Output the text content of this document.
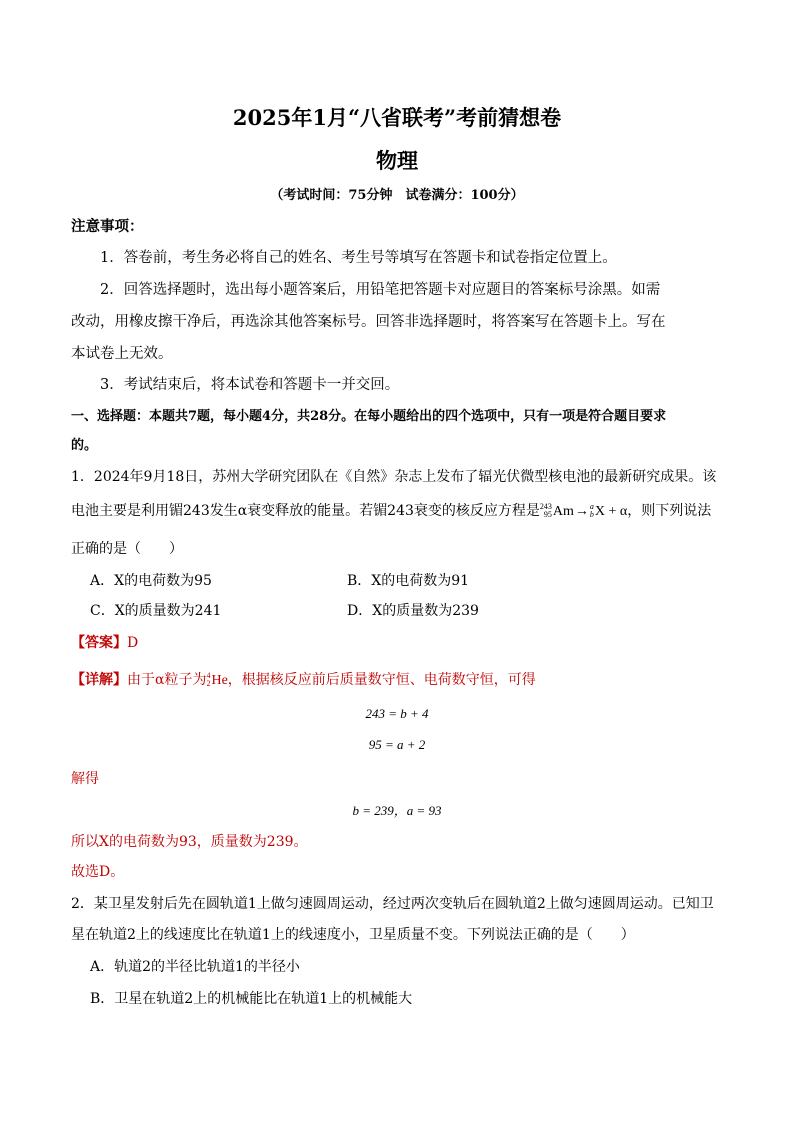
2025年1月“八省联考”考前猜想卷
物理
（考试时间：75分钟　试卷满分：100分）
注意事项：
1．答卷前，考生务必将自己的姓名、考生号等填写在答题卡和试卷指定位置上。
2．回答选择题时，选出每小题答案后，用铅笔把答题卡对应题目的答案标号涂黑。如需
改动，用橡皮擦干净后，再选涂其他答案标号。回答非选择题时，将答案写在答题卡上。写在
本试卷上无效。
3．考试结束后，将本试卷和答题卡一并交回。
一、选择题：本题共7题，每小题4分，共28分。在每小题给出的四个选项中，只有一项是符合题目要求
的。
1．2024年9月18日，苏州大学研究团队在《自然》杂志上发布了辐光伏微型核电池的最新研究成果。该
电池主要是利用镅243发生α衰变释放的能量。若镅243衰变的核反应方程是 243
95 Am→ a
b X + α，则下列说法
正确的是（　　）
A．X的电荷数为95	B．X的电荷数为91
C．X的质量数为241	D．X的质量数为239
【答案】D
【详解】由于α粒子为 4
2 He，根据核反应前后质量数守恒、电荷数守恒，可得
243 = b + 4
95 = a + 2
解得
b = 239，a = 93
所以X的电荷数为93，质量数为239。
故选D。
2．某卫星发射后先在圆轨道1上做匀速圆周运动，经过两次变轨后在圆轨道2上做匀速圆周运动。已知卫
星在轨道2上的线速度比在轨道1上的线速度小，卫星质量不变。下列说法正确的是（　　）
A．轨道2的半径比轨道1的半径小
B．卫星在轨道2上的机械能比在轨道1上的机械能大
